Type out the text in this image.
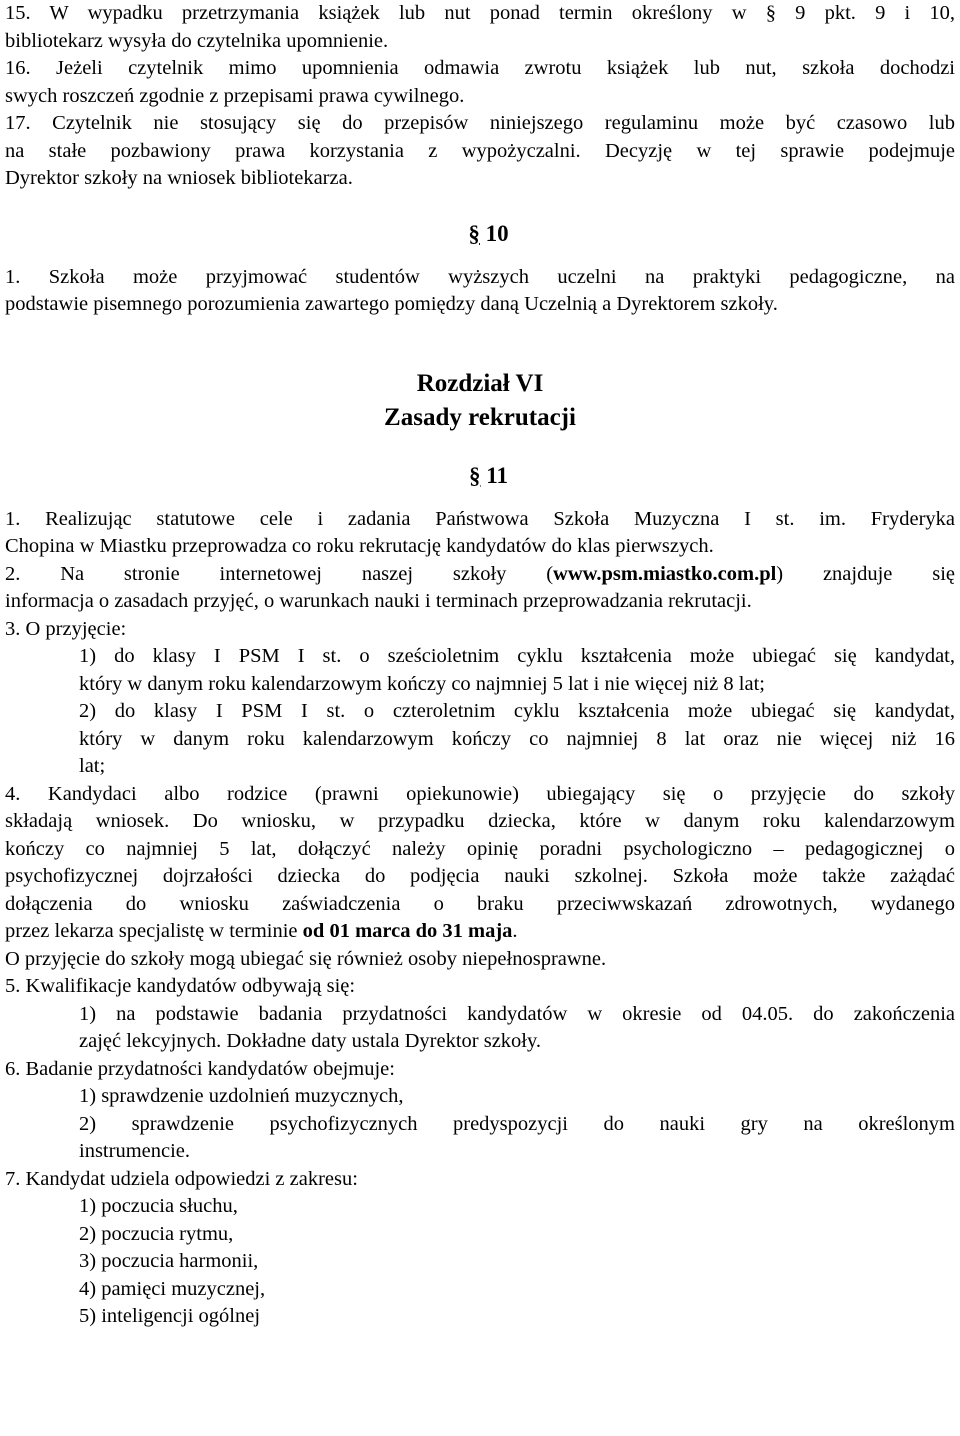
15. W wypadku przetrzymania książek lub nut ponad termin określony w § 9 pkt. 9 i 10,

bibliotekarz wysyła do czytelnika upomnienie.

16. Jeżeli czytelnik mimo upomnienia odmawia zwrotu książek lub nut, szkoła dochodzi

swych roszczeń zgodnie z przepisami prawa cywilnego.

17. Czytelnik nie stosujący się do przepisów niniejszego regulaminu może być czasowo lub

na stałe pozbawiony prawa korzystania z wypożyczalni. Decyzję w tej sprawie podejmuje

Dyrektor szkoły na wniosek bibliotekarza.

§ 10

1. Szkoła może przyjmować studentów wyższych uczelni na praktyki pedagogiczne, na

podstawie pisemnego porozumienia zawartego pomiędzy daną Uczelnią a Dyrektorem szkoły.

Rozdział VI
Zasady rekrutacji
§ 11

1. Realizując statutowe cele i zadania Państwowa Szkoła Muzyczna I st. im. Fryderyka

Chopina w Miastku przeprowadza co roku rekrutację kandydatów do klas pierwszych.

2. Na stronie internetowej naszej szkoły (www.psm.miastko.com.pl) znajduje się

informacja o zasadach przyjęć, o warunkach nauki i terminach przeprowadzania rekrutacji.

3. O przyjęcie:

1) do klasy I PSM I st. o sześcioletnim cyklu kształcenia może ubiegać się kandydat,

który w danym roku kalendarzowym kończy co najmniej 5 lat i nie więcej niż 8 lat;

2) do klasy I PSM I st. o czteroletnim cyklu kształcenia może ubiegać się kandydat,

który w danym roku kalendarzowym kończy co najmniej 8 lat oraz nie więcej niż 16

lat;

4. Kandydaci albo rodzice (prawni opiekunowie) ubiegający się o przyjęcie do szkoły

składają wniosek. Do wniosku, w przypadku dziecka, które w danym roku kalendarzowym

kończy co najmniej 5 lat, dołączyć należy opinię poradni psychologiczno – pedagogicznej o

psychofizycznej dojrzałości dziecka do podjęcia nauki szkolnej. Szkoła może także zażądać

dołączenia do wniosku zaświadczenia o braku przeciwwskazań zdrowotnych, wydanego

przez lekarza specjalistę w terminie od 01 marca do 31 maja.

O przyjęcie do szkoły mogą ubiegać się również osoby niepełnosprawne.

5. Kwalifikacje kandydatów odbywają się:

1) na podstawie badania przydatności kandydatów w okresie od 04.05. do zakończenia

zajęć lekcyjnych. Dokładne daty ustala Dyrektor szkoły.

6. Badanie przydatności kandydatów obejmuje:

1) sprawdzenie uzdolnień muzycznych,

2) sprawdzenie psychofizycznych predyspozycji do nauki gry na określonym

instrumencie.

7. Kandydat udziela odpowiedzi z zakresu:

1) poczucia słuchu,

2) poczucia rytmu,

3) poczucia harmonii,

4) pamięci muzycznej,

5) inteligencji ogólnej
